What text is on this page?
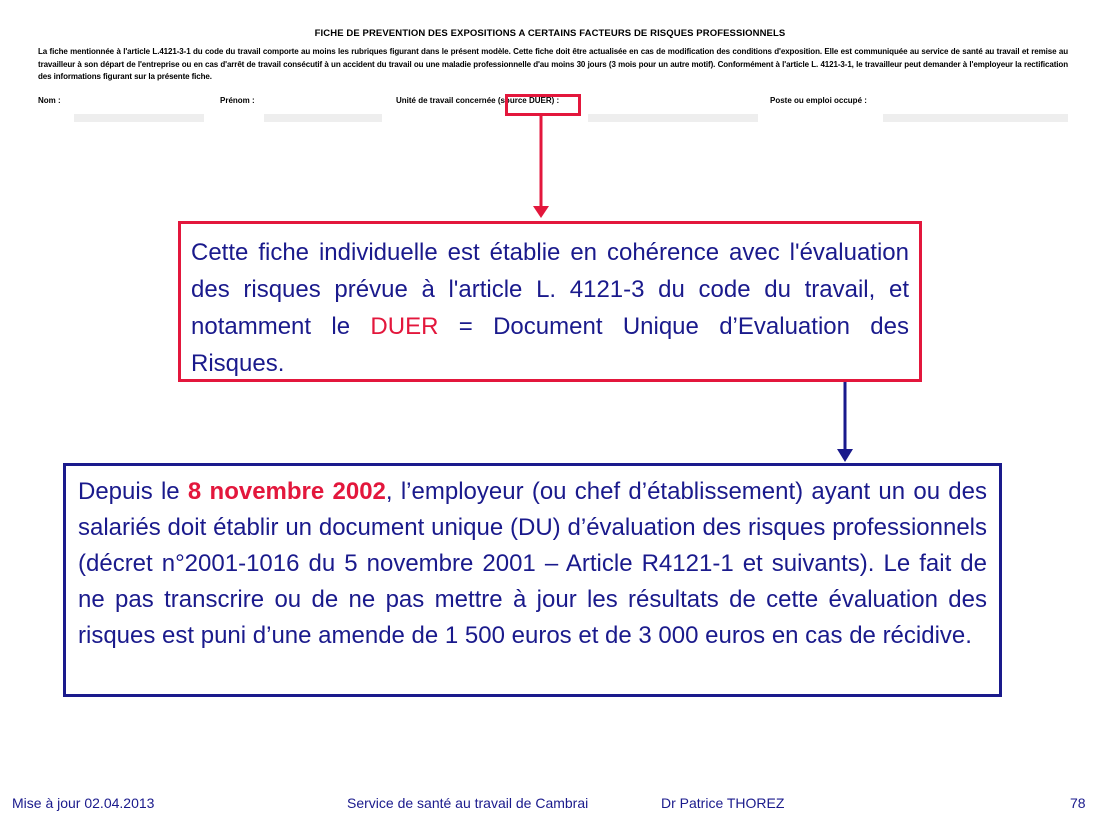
FICHE DE PREVENTION DES EXPOSITIONS A CERTAINS FACTEURS DE RISQUES PROFESSIONNELS
La fiche mentionnée à l'article L.4121-3-1 du code du travail comporte au moins les rubriques figurant dans le présent modèle. Cette fiche doit être actualisée en cas de modification des conditions d'exposition. Elle est communiquée au service de santé au travail et remise au travailleur à son départ de l'entreprise ou en cas d'arrêt de travail consécutif à un accident du travail ou une maladie professionnelle d'au moins 30 jours (3 mois pour un autre motif). Conformément à l'article L. 4121-3-1, le travailleur peut demander à l'employeur la rectification des informations figurant sur la présente fiche.
Nom :	Prénom :	Unité de travail concernée (source DUER) :	Poste ou emploi occupé :
Cette fiche individuelle est établie en cohérence avec l'évaluation des risques prévue à l'article L. 4121-3 du code du travail, et notamment le DUER = Document Unique d’Evaluation des Risques.
Depuis le 8 novembre 2002, l’employeur (ou chef d’établissement) ayant un ou des salariés doit établir un document unique (DU) d’évaluation des risques professionnels (décret n°2001-1016 du 5 novembre 2001 – Article R4121-1 et suivants). Le fait de ne pas transcrire ou de ne pas mettre à jour les résultats de cette évaluation des risques est puni d’une amende de 1 500 euros et de 3 000 euros en cas de récidive.
Mise à jour 02.04.2013	Service de santé au travail de Cambrai	Dr Patrice THOREZ	78
